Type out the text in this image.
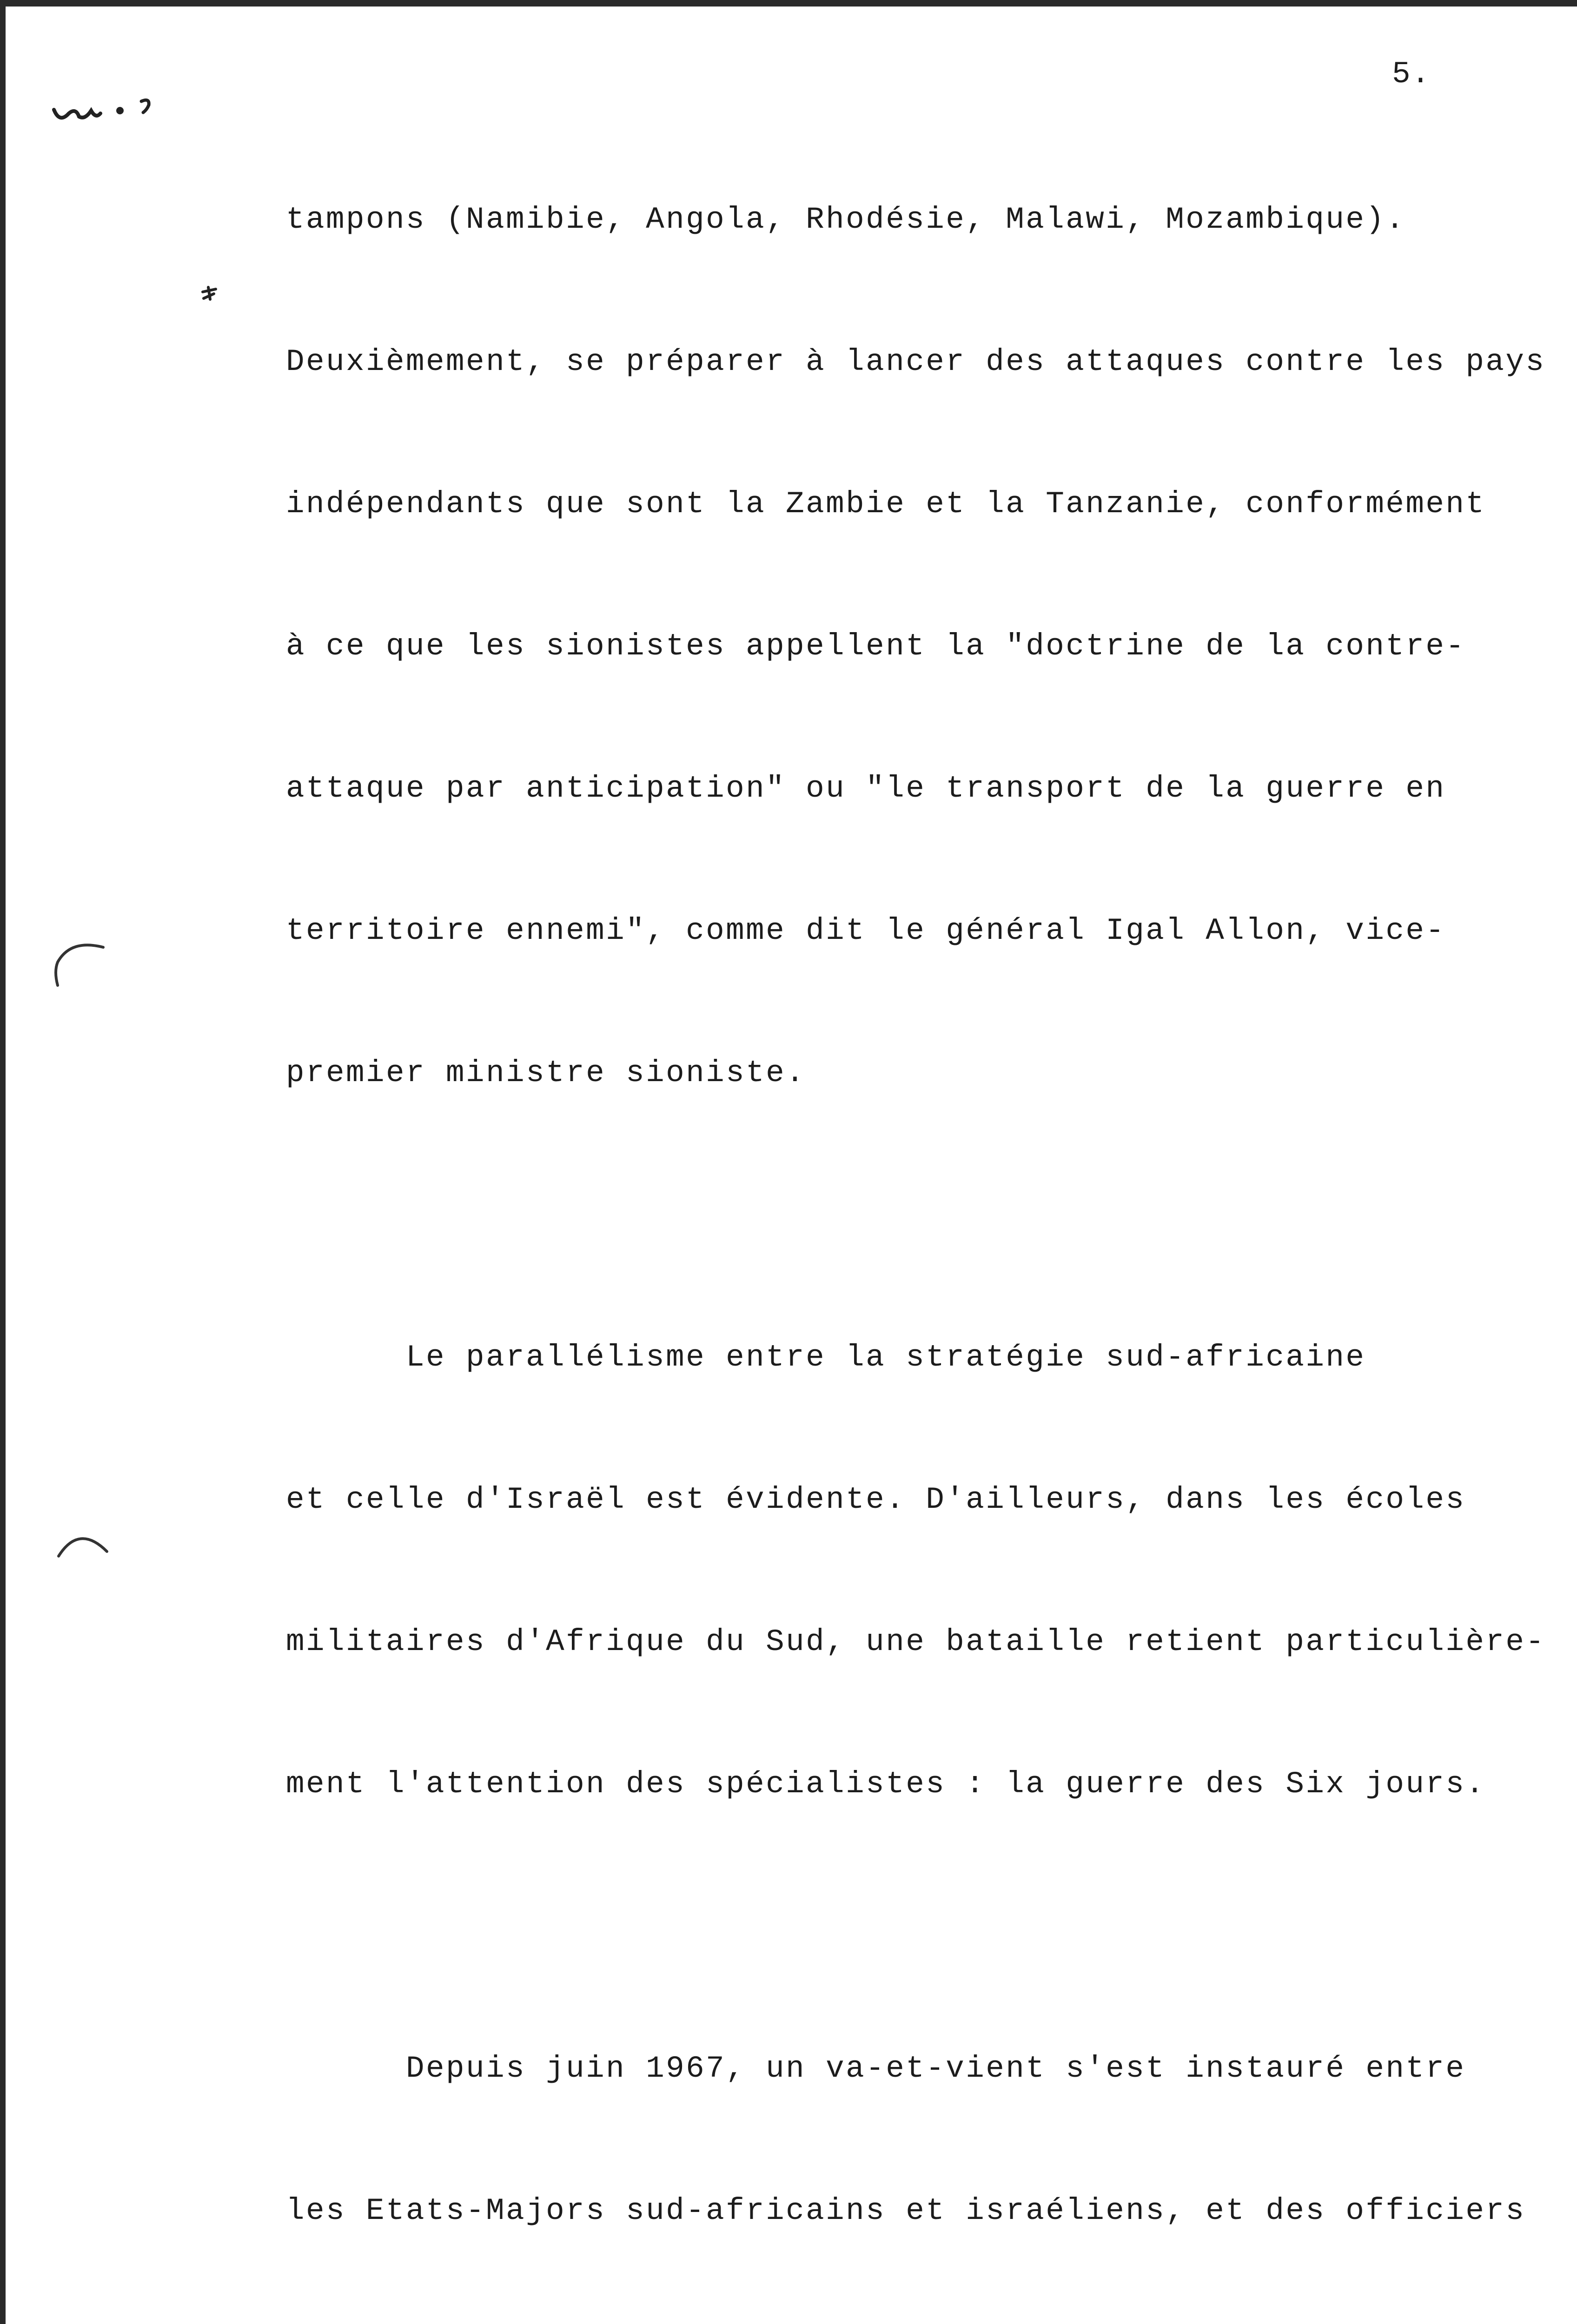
5.

tampons (Namibie, Angola, Rhodésie, Malawi, Mozambique).

Deuxièmement, se préparer à lancer des attaques contre les pays

indépendants que sont la Zambie et la Tanzanie, conformément

à ce que les sionistes appellent la "doctrine de la contre-

attaque par anticipation" ou "le transport de la guerre en

territoire ennemi", comme dit le général Igal Allon, vice-

premier ministre sioniste.

Le parallélisme entre la stratégie sud-africaine

et celle d'Israël est évidente. D'ailleurs, dans les écoles

militaires d'Afrique du Sud, une bataille retient particulière-

ment l'attention des spécialistes : la guerre des Six jours.

Depuis juin 1967, un va-et-vient s'est instauré entre

les Etats-Majors sud-africains et israéliens, et des officiers
